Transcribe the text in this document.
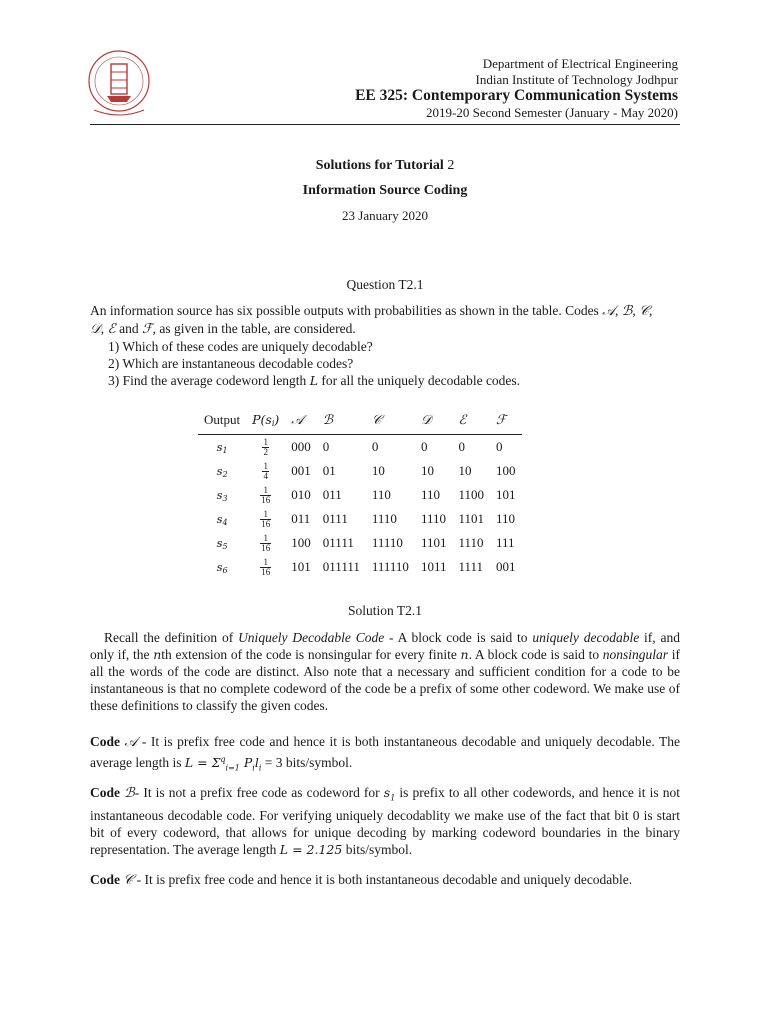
Department of Electrical Engineering
Indian Institute of Technology Jodhpur
EE 325: Contemporary Communication Systems
2019-20 Second Semester (January - May 2020)
Solutions for Tutorial 2
Information Source Coding
23 January 2020
Question T2.1
An information source has six possible outputs with probabilities as shown in the table. Codes 𝒜, ℬ, 𝒞,
𝒟, ℰ and ℱ, as given in the table, are considered.
1) Which of these codes are uniquely decodable?
2) Which are instantaneous decodable codes?
3) Find the average codeword length L for all the uniquely decodable codes.
Output	$P(s_i)$	𝒜	ℬ	𝒞	𝒟	ℰ	ℱ
$s_1$	$\frac{1}{2}$	000	0	0	0	0	0
$s_2$	$\frac{1}{4}$	001	01	10	10	10	100
$s_3$	$\frac{1}{16}$	010	011	110	110	1100	101
$s_4$	$\frac{1}{16}$	011	0111	1110	1110	1101	110
$s_5$	$\frac{1}{16}$	100	01111	11110	1101	1110	111
$s_6$	$\frac{1}{16}$	101	011111	111110	1011	1111	001
Solution T2.1

Recall the definition of Uniquely Decodable Code - A block code is said to uniquely decodable if, and only if, the nth extension of the code is nonsingular for every finite n. A block code is said to nonsingular if all the words of the code are distinct. Also note that a necessary and sufficient condition for a code to be instantaneous is that no complete codeword of the code be a prefix of some other codeword. We make use of these definitions to classify the given codes.

Code 𝒜 - It is prefix free code and hence it is both instantaneous decodable and uniquely decodable. The average length is $L = \Sigma^q_{i=1}$ $P_il_i = 3$ bits/symbol.

Code ℬ- It is not a prefix free code as codeword for $s_1$ is prefix to all other codewords, and hence it is not instantaneous decodable code. For verifying uniquely decodablity we make use of the fact that bit 0 is start bit of every codeword, that allows for unique decoding by marking codeword boundaries in the binary representation. The average length L = 2.125 bits/symbol.

Code 𝒞 - It is prefix free code and hence it is both instantaneous decodable and uniquely decodable.
